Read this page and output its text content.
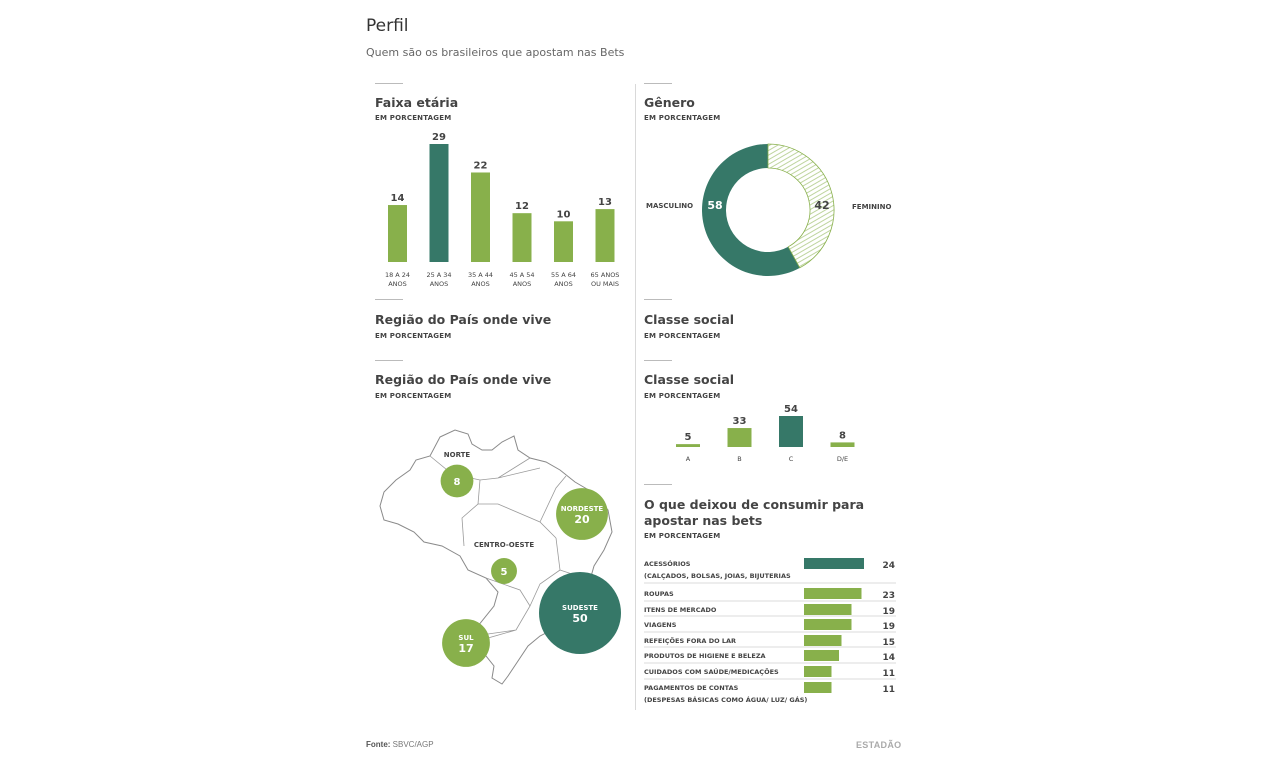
Perfil
Quem são os brasileiros que apostam nas Bets
Faixa etária
EM PORCENTAGEM
14
18 A 24
ANOS
29
25 A 34
ANOS
22
35 A 44
ANOS
12
45 A 54
ANOS
10
55 A 64
ANOS
13
65 ANOS
OU MAIS
Gênero
EM PORCENTAGEM
58	42
MASCULINO	FEMININO
Região do País onde vive
EM PORCENTAGEM
Classe social
EM PORCENTAGEM
Região do País onde vive
EM PORCENTAGEM
NORTE
8
NORDESTE
20
CENTRO-OESTE
5
SUDESTE
50
SUL
17
Classe social
EM PORCENTAGEM
5
A
33
B
54
C
8
D/E
O que deixou de consumir para apostar nas bets
EM PORCENTAGEM
24
ACESSÓRIOS
(CALÇADOS, BOLSAS, JOIAS, BIJUTERIAS
23
ROUPAS
19
ITENS DE MERCADO
19
VIAGENS
15
REFEIÇÕES FORA DO LAR
14
PRODUTOS DE HIGIENE E BELEZA
11
CUIDADOS COM SAÚDE/MEDICAÇÕES
11
PAGAMENTOS DE CONTAS
(DESPESAS BÁSICAS COMO ÁGUA/ LUZ/ GÁS)
Fonte: SBVC/AGP	ESTADÃO
